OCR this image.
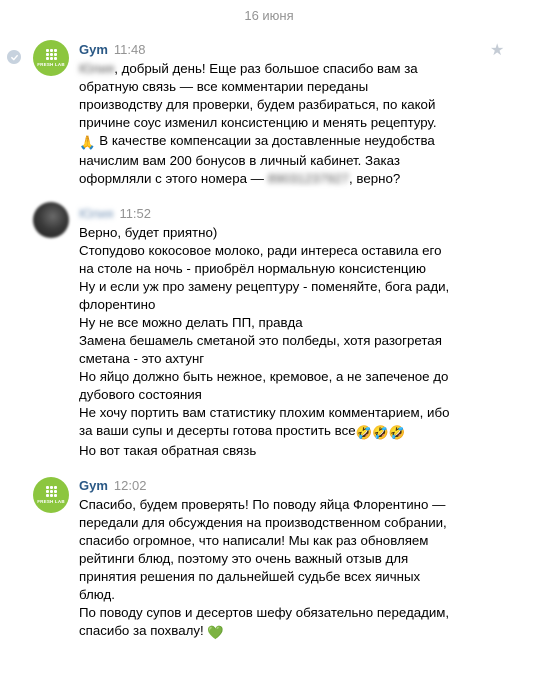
16 июня
FRESH LAB
Gym 11:48	★
Юлия, добрый день! Еще раз большое спасибо вам за
обратную связь — все комментарии переданы
производству для проверки, будем разбираться, по какой
причине соус изменил консистенцию и менять рецептуру.
🙏 В качестве компенсации за доставленные неудобства
начислим вам 200 бонусов в личный кабинет. Заказ
оформляли с этого номера — 89031237927, верно?
Юлия 11:52
Верно, будет приятно)
Стопудово кокосовое молоко, ради интереса оставила его
на столе на ночь - приобрёл нормальную консистенцию
Ну и если уж про замену рецептуру - поменяйте, бога ради,
флорентино
Ну не все можно делать ПП, правда
Замена бешамель сметаной это полбеды, хотя разогретая
сметана - это ахтунг
Но яйцо должно быть нежное, кремовое, а не запеченое до
дубового состояния
Не хочу портить вам статистику плохим комментарием, ибо
за ваши супы и десерты готова простить все🤣🤣🤣
Но вот такая обратная связь
FRESH LAB
Gym 12:02
Спасибо, будем проверять! По поводу яйца Флорентино —
передали для обсуждения на производственном собрании,
спасибо огромное, что написали! Мы как раз обновляем
рейтинги блюд, поэтому это очень важный отзыв для
принятия решения по дальнейшей судьбе всех яичных
блюд.
По поводу супов и десертов шефу обязательно передадим,
спасибо за похвалу! 💚
